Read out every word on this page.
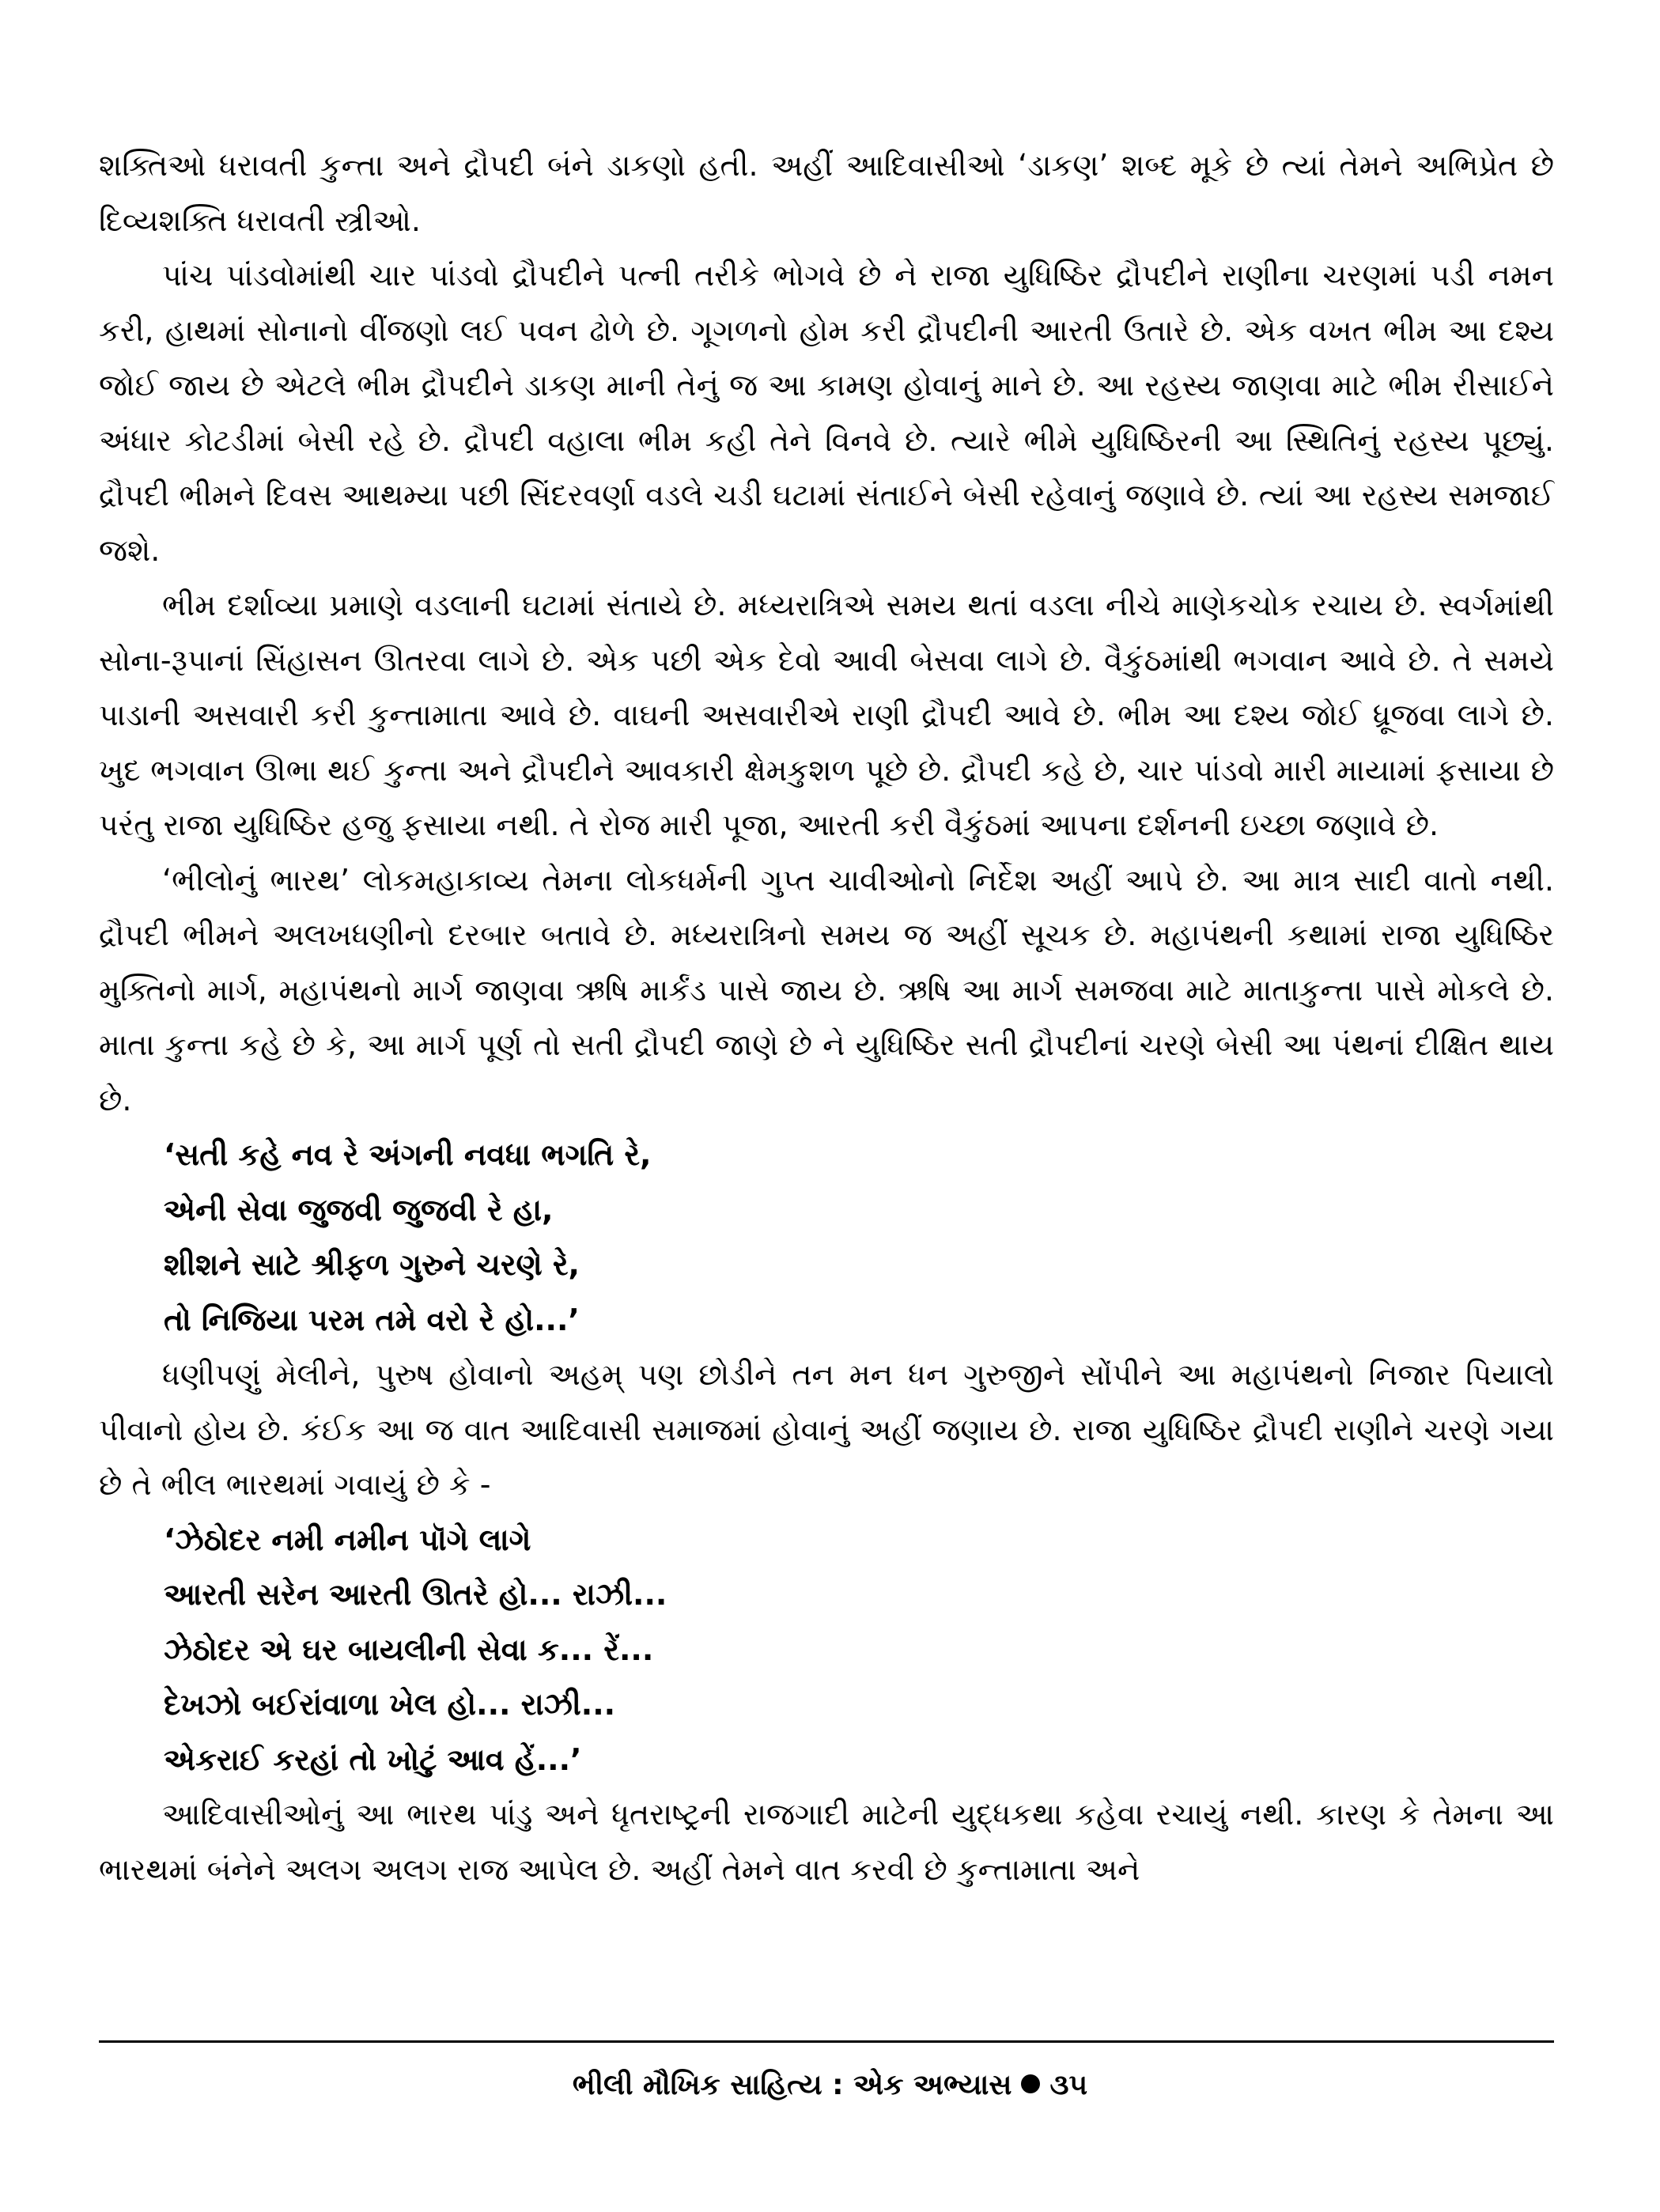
શક્તિઓ ધરાવતી કુન્તા અને દ્રૌપદી બંને ડાકણો હતી. અહીં આદિવાસીઓ ‘ડાકણ’ શબ્દ મૂકે છે ત્યાં તેમને અભિપ્રેત છે દિવ્યશક્તિ ધરાવતી સ્ત્રીઓ.

પાંચ પાંડવોમાંથી ચાર પાંડવો દ્રૌપદીને પત્ની તરીકે ભોગવે છે ને રાજા યુધિષ્ઠિર દ્રૌપદીને રાણીના ચરણમાં પડી નમન કરી, હાથમાં સોનાનો વીંજણો લઈ પવન ઢોળે છે. ગૂગળનો હોમ કરી દ્રૌપદીની આરતી ઉતારે છે. એક વખત ભીમ આ દશ્ય જોઈ જાય છે એટલે ભીમ દ્રૌપદીને ડાકણ માની તેનું જ આ કામણ હોવાનું માને છે. આ રહસ્ય જાણવા માટે ભીમ રીસાઈને અંધાર કોટડીમાં બેસી રહે છે. દ્રૌપદી વહાલા ભીમ કહી તેને વિનવે છે. ત્યારે ભીમે યુધિષ્ઠિરની આ સ્થિતિનું રહસ્ય પૂછ્યું. દ્રૌપદી ભીમને દિવસ આથમ્યા પછી સિંદરવર્ણા વડલે ચડી ઘટામાં સંતાઈને બેસી રહેવાનું જણાવે છે. ત્યાં આ રહસ્ય સમજાઈ જશે.

ભીમ દર્શાવ્યા પ્રમાણે વડલાની ઘટામાં સંતાયે છે. મધ્યરાત્રિએ સમય થતાં વડલા નીચે માણેકચોક રચાય છે. સ્વર્ગમાંથી સોના-રૂપાનાં સિંહાસન ઊતરવા લાગે છે. એક પછી એક દેવો આવી બેસવા લાગે છે. વૈકુંઠમાંથી ભગવાન આવે છે. તે સમયે પાડાની અસવારી કરી કુન્તામાતા આવે છે. વાઘની અસવારીએ રાણી દ્રૌપદી આવે છે. ભીમ આ દશ્ય જોઈ ધ્રૂજવા લાગે છે. ખુદ ભગવાન ઊભા થઈ કુન્તા અને દ્રૌપદીને આવકારી ક્ષેમકુશળ પૂછે છે. દ્રૌપદી કહે છે, ચાર પાંડવો મારી માયામાં ફસાયા છે પરંતુ રાજા યુધિષ્ઠિર હજુ ફસાયા નથી. તે રોજ મારી પૂજા, આરતી કરી વૈકુંઠમાં આપના દર્શનની ઇચ્છા જણાવે છે.

‘ભીલોનું ભારથ’ લોકમહાકાવ્ય તેમના લોકધર્મની ગુપ્ત ચાવીઓનો નિર્દેશ અહીં આપે છે. આ માત્ર સાદી વાતો નથી. દ્રૌપદી ભીમને અલખધણીનો દરબાર બતાવે છે. મધ્યરાત્રિનો સમય જ અહીં સૂચક છે. મહાપંથની કથામાં રાજા યુધિષ્ઠિર મુક્તિનો માર્ગ, મહાપંથનો માર્ગ જાણવા ઋષિ માર્કંડ પાસે જાય છે. ઋષિ આ માર્ગ સમજવા માટે માતાકુન્તા પાસે મોકલે છે. માતા કુન્તા કહે છે કે, આ માર્ગ પૂર્ણ તો સતી દ્રૌપદી જાણે છે ને યુધિષ્ઠિર સતી દ્રૌપદીનાં ચરણે બેસી આ પંથનાં દીક્ષિત થાય છે.

‘સતી કહે નવ રે અંગની નવધા ભગતિ રે,
એની સેવા જુજવી જુજવી રે હા,
શીશને સાટે શ્રીફળ ગુરુને ચરણે રે,
તો નિજિયા પરમ તમે વરો રે હો...’

ધણીપણું મેલીને, પુરુષ હોવાનો અહમ્ પણ છોડીને તન મન ધન ગુરુજીને સોંપીને આ મહાપંથનો નિજાર પિયાલો પીવાનો હોય છે. કંઈક આ જ વાત આદિવાસી સમાજમાં હોવાનું અહીં જણાય છે. રાજા યુધિષ્ઠિર દ્રૌપદી રાણીને ચરણે ગયા છે તે ભીલ ભારથમાં ગવાયું છે કે -

‘ઝેઠોદર નમી નમીન પૉગે લાગે
આરતી સરેન આરતી ઊતરે હો... રાઝી...
ઝેઠોદર એ ઘર બાયલીની સેવા ક... રેં...
દેખઝો બઈરાંવાળા ખેલ હો... રાઝી...
એકરાઈ કરહાં તો ખોટું આવ હેં...’

આદિવાસીઓનું આ ભારથ પાંડુ અને ધૃતરાષ્ટ્રની રાજગાદી માટેની યુદ્ધકથા કહેવા રચાયું નથી. કારણ કે તેમના આ ભારથમાં બંનેને અલગ અલગ રાજ આપેલ છે. અહીં તેમને વાત કરવી છે કુન્તામાતા અને

ભીલી મૌખિક સાહિત્ય : એક અભ્યાસ ૩૫
